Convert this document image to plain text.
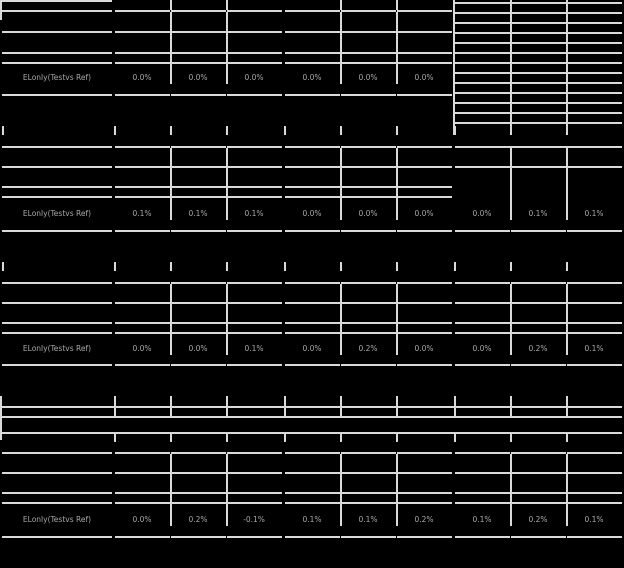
ELonly(Testvs Ref)	0.0%	0.0%	0.0%	0.0%	0.0%	0.0%
ELonly(Testvs Ref)	0.1%	0.1%	0.1%	0.0%	0.0%	0.0%	0.0%	0.1%	0.1%
ELonly(Testvs Ref)	0.0%	0.0%	0.1%	0.0%	0.2%	0.0%	0.0%	0.2%	0.1%
ELonly(Testvs Ref)	0.0%	0.2%	-0.1%	0.1%	0.1%	0.2%	0.1%	0.2%	0.1%
